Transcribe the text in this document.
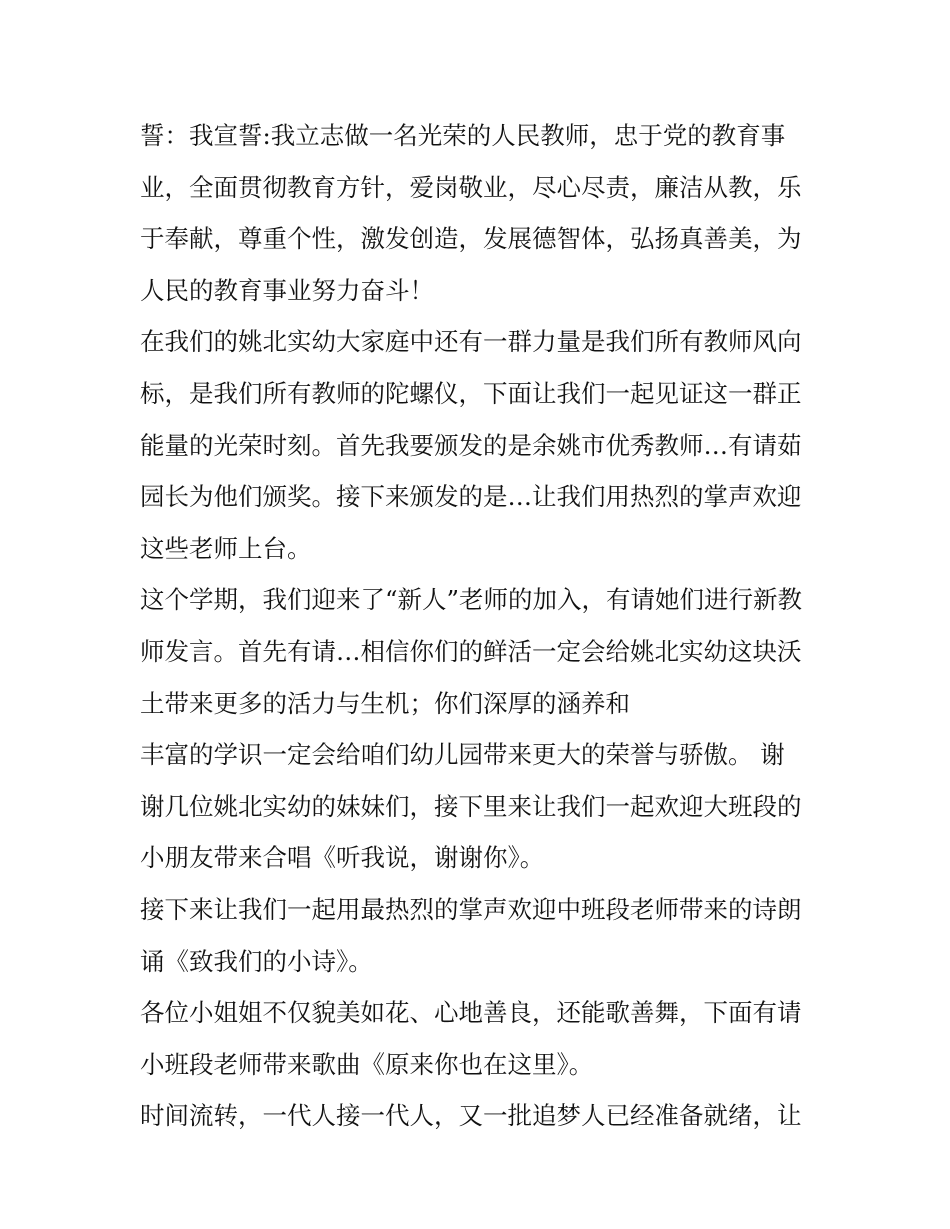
誓：我宣誓:我立志做一名光荣的人民教师，忠于党的教育事
业，全面贯彻教育方针，爱岗敬业，尽心尽责，廉洁从教，乐
于奉献，尊重个性，激发创造，发展德智体，弘扬真善美，为
人民的教育事业努力奋斗！
在我们的姚北实幼大家庭中还有一群力量是我们所有教师风向
标，是我们所有教师的陀螺仪，下面让我们一起见证这一群正
能量的光荣时刻。首先我要颁发的是余姚市优秀教师…有请茹
园长为他们颁奖。接下来颁发的是…让我们用热烈的掌声欢迎
这些老师上台。
这个学期，我们迎来了“新人”老师的加入，有请她们进行新教
师发言。首先有请…相信你们的鲜活一定会给姚北实幼这块沃
土带来更多的活力与生机；你们深厚的涵养和
丰富的学识一定会给咱们幼儿园带来更大的荣誉与骄傲。 谢
谢几位姚北实幼的妹妹们，接下里来让我们一起欢迎大班段的
小朋友带来合唱《听我说，谢谢你》。
接下来让我们一起用最热烈的掌声欢迎中班段老师带来的诗朗
诵《致我们的小诗》。
各位小姐姐不仅貌美如花、心地善良，还能歌善舞，下面有请
小班段老师带来歌曲《原来你也在这里》。
时间流转，一代人接一代人，又一批追梦人已经准备就绪，让
